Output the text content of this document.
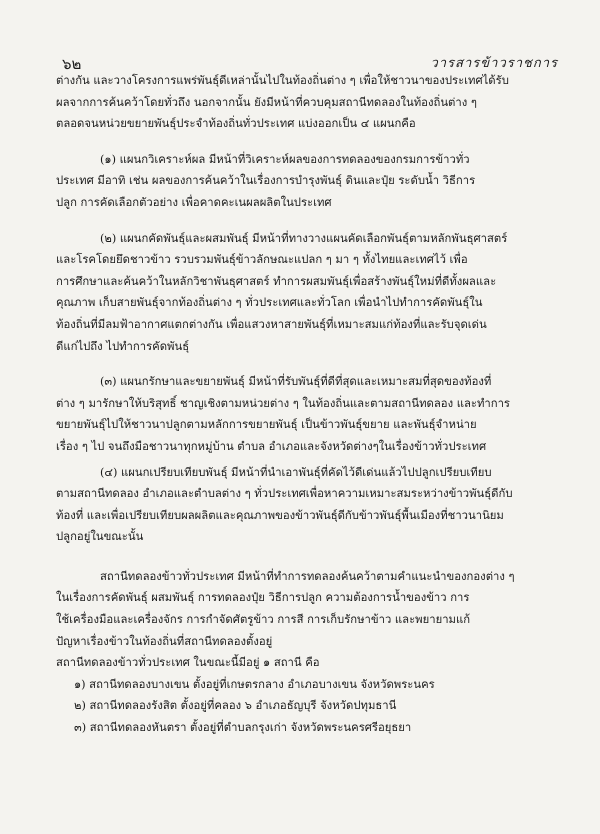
๖๒	วารสารข้าวราชการ
ต่างกัน และวางโครงการแพร่พันธุ์ดีเหล่านั้นไปในท้องถิ่นต่าง ๆ เพื่อให้ชาวนาของประเทศได้รับ
ผลจากการค้นคว้าโดยทั่วถึง นอกจากนั้น ยังมีหน้าที่ควบคุมสถานีทดลองในท้องถิ่นต่าง ๆ
ตลอดจนหน่วยขยายพันธุ์ประจำท้องถิ่นทั่วประเทศ แบ่งออกเป็น ๔ แผนกคือ
(๑) แผนกวิเคราะห์ผล มีหน้าที่วิเคราะห์ผลของการทดลองของกรมการข้าวทั่ว
ประเทศ มีอาทิ เช่น ผลของการค้นคว้าในเรื่องการบำรุงพันธุ์ ดินและปุ๋ย ระดับน้ำ วิธีการ
ปลูก การคัดเลือกตัวอย่าง เพื่อคาดคะเนผลผลิตในประเทศ
(๒) แผนกคัดพันธุ์และผสมพันธุ์ มีหน้าที่ทางวางแผนคัดเลือกพันธุ์ตามหลักพันธุศาสตร์
และโรคโดยยึดชาวข้าว รวบรวมพันธุ์ข้าวลักษณะแปลก ๆ มา ๆ ทั้งไทยและเทศไว้ เพื่อ
การศึกษาและค้นคว้าในหลักวิชาพันธุศาสตร์ ทำการผสมพันธุ์เพื่อสร้างพันธุ์ใหม่ที่ดีทั้งผลและ
คุณภาพ เก็บสายพันธุ์จากท้องถิ่นต่าง ๆ ทั่วประเทศและทั่วโลก เพื่อนำไปทำการคัดพันธุ์ใน
ท้องถิ่นที่มีลมฟ้าอากาศแตกต่างกัน เพื่อแสวงหาสายพันธุ์ที่เหมาะสมแก่ท้องที่และรับจุดเด่น
ดีแก่ไปถึง ไปทำการคัดพันธุ์
(๓) แผนกรักษาและขยายพันธุ์ มีหน้าที่รับพันธุ์ที่ดีที่สุดและเหมาะสมที่สุดของท้องที่
ต่าง ๆ มารักษาให้บริสุทธิ์ ชาญเชิงตามหน่วยต่าง ๆ ในท้องถิ่นและตามสถานีทดลอง และทำการ
ขยายพันธุ์ไปให้ชาวนาปลูกตามหลักการขยายพันธุ์ เป็นข้าวพันธุ์ขยาย และพันธุ์จำหน่าย
เรื่อง ๆ ไป จนถึงมือชาวนาทุกหมู่บ้าน ตำบล อำเภอและจังหวัดต่างๆในเรื่องข้าวทั่วประเทศ
(๔) แผนกเปรียบเทียบพันธุ์ มีหน้าที่นำเอาพันธุ์ที่คัดไว้ดีเด่นแล้วไปปลูกเปรียบเทียบ
ตามสถานีทดลอง อำเภอและตำบลต่าง ๆ ทั่วประเทศเพื่อหาความเหมาะสมระหว่างข้าวพันธุ์ดีกับ
ท้องที่ และเพื่อเปรียบเทียบผลผลิตและคุณภาพของข้าวพันธุ์ดีกับข้าวพันธุ์พื้นเมืองที่ชาวนานิยม
ปลูกอยู่ในขณะนั้น
สถานีทดลองข้าวทั่วประเทศ มีหน้าที่ทำการทดลองค้นคว้าตามคำแนะนำของกองต่าง ๆ
ในเรื่องการคัดพันธุ์ ผสมพันธุ์ การทดลองปุ๋ย วิธีการปลูก ความต้องการน้ำของข้าว การ
ใช้เครื่องมือและเครื่องจักร การกำจัดศัตรูข้าว การสี การเก็บรักษาข้าว และพยายามแก้
ปัญหาเรื่องข้าวในท้องถิ่นที่สถานีทดลองตั้งอยู่
สถานีทดลองข้าวทั่วประเทศ ในขณะนี้มีอยู่ ๑ สถานี คือ
๑) สถานีทดลองบางเขน ตั้งอยู่ที่เกษตรกลาง อำเภอบางเขน จังหวัดพระนคร
๒) สถานีทดลองรังสิต ตั้งอยู่ที่คลอง ๖ อำเภอธัญบุรี จังหวัดปทุมธานี
๓) สถานีทดลองหันตรา ตั้งอยู่ที่ตำบลกรุงเก่า จังหวัดพระนครศรีอยุธยา
